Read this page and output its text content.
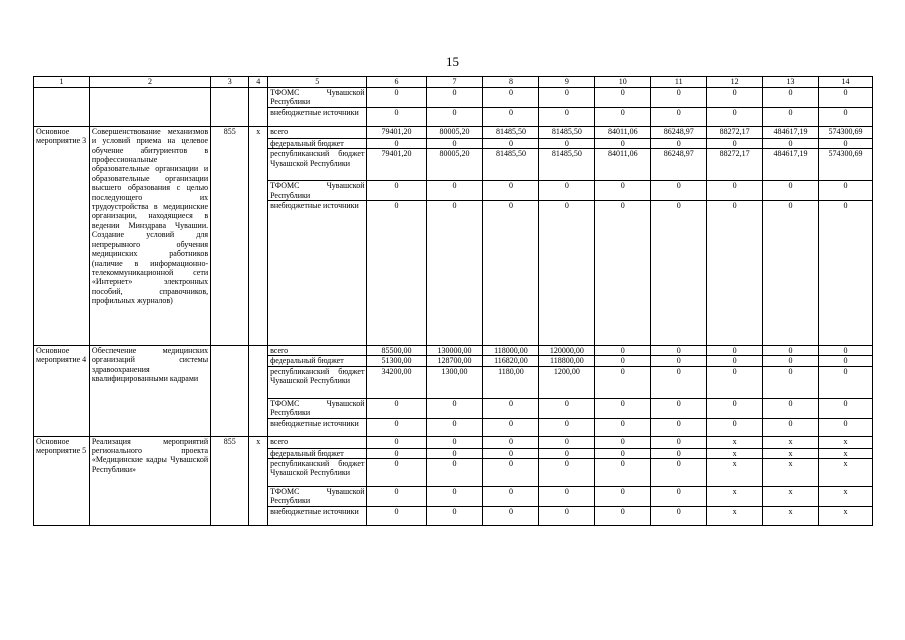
15
1	2	3	4	5	6	7	8	9	10	11	12	13	14
				ТФОМС Чувашской Республики	0	0	0	0	0	0	0	0	0
				внебюджетные источники	0	0	0	0	0	0	0	0	0
Основное мероприятие 3	Совершенствование механизмов и условий приема на целевое обучение абитуриентов в профессиональные образовательные организации и образовательные организации высшего образования с целью последующего их трудоустройства в медицинские организации, находящиеся в ведении Минздрава Чувашии. Создание условий для непрерывного обучения медицинских работников (наличие в информационно-телекоммуникационной сети «Интернет» электронных пособий, справочников, профильных журналов)	855	x	всего	79401,20	80005,20	81485,50	81485,50	84011,06	86248,97	88272,17	484617,19	574300,69
				федеральный бюджет	0	0	0	0	0	0	0	0	0
				республиканский бюджет Чувашской Республики	79401,20	80005,20	81485,50	81485,50	84011,06	86248,97	88272,17	484617,19	574300,69
				ТФОМС Чувашской Республики	0	0	0	0	0	0	0	0	0
				внебюджетные источники	0	0	0	0	0	0	0	0	0
Основное мероприятие 4	Обеспечение медицинских организаций системы здравоохранения квалифицированными кадрами			всего	85500,00	130000,00	118000,00	120000,00	0	0	0	0	0
				федеральный бюджет	51300,00	128700,00	116820,00	118800,00	0	0	0	0	0
				республиканский бюджет Чувашской Республики	34200,00	1300,00	1180,00	1200,00	0	0	0	0	0
				ТФОМС Чувашской Республики	0	0	0	0	0	0	0	0	0
				внебюджетные источники	0	0	0	0	0	0	0	0	0
Основное мероприятие 5	Реализация мероприятий регионального проекта «Медицинские кадры Чувашской Республики»	855	x	всего	0	0	0	0	0	0	x	x	x
				федеральный бюджет	0	0	0	0	0	0	x	x	x
				республиканский бюджет Чувашской Республики	0	0	0	0	0	0	x	x	x
				ТФОМС Чувашской Республики	0	0	0	0	0	0	x	x	x
				внебюджетные источники	0	0	0	0	0	0	x	x	x
